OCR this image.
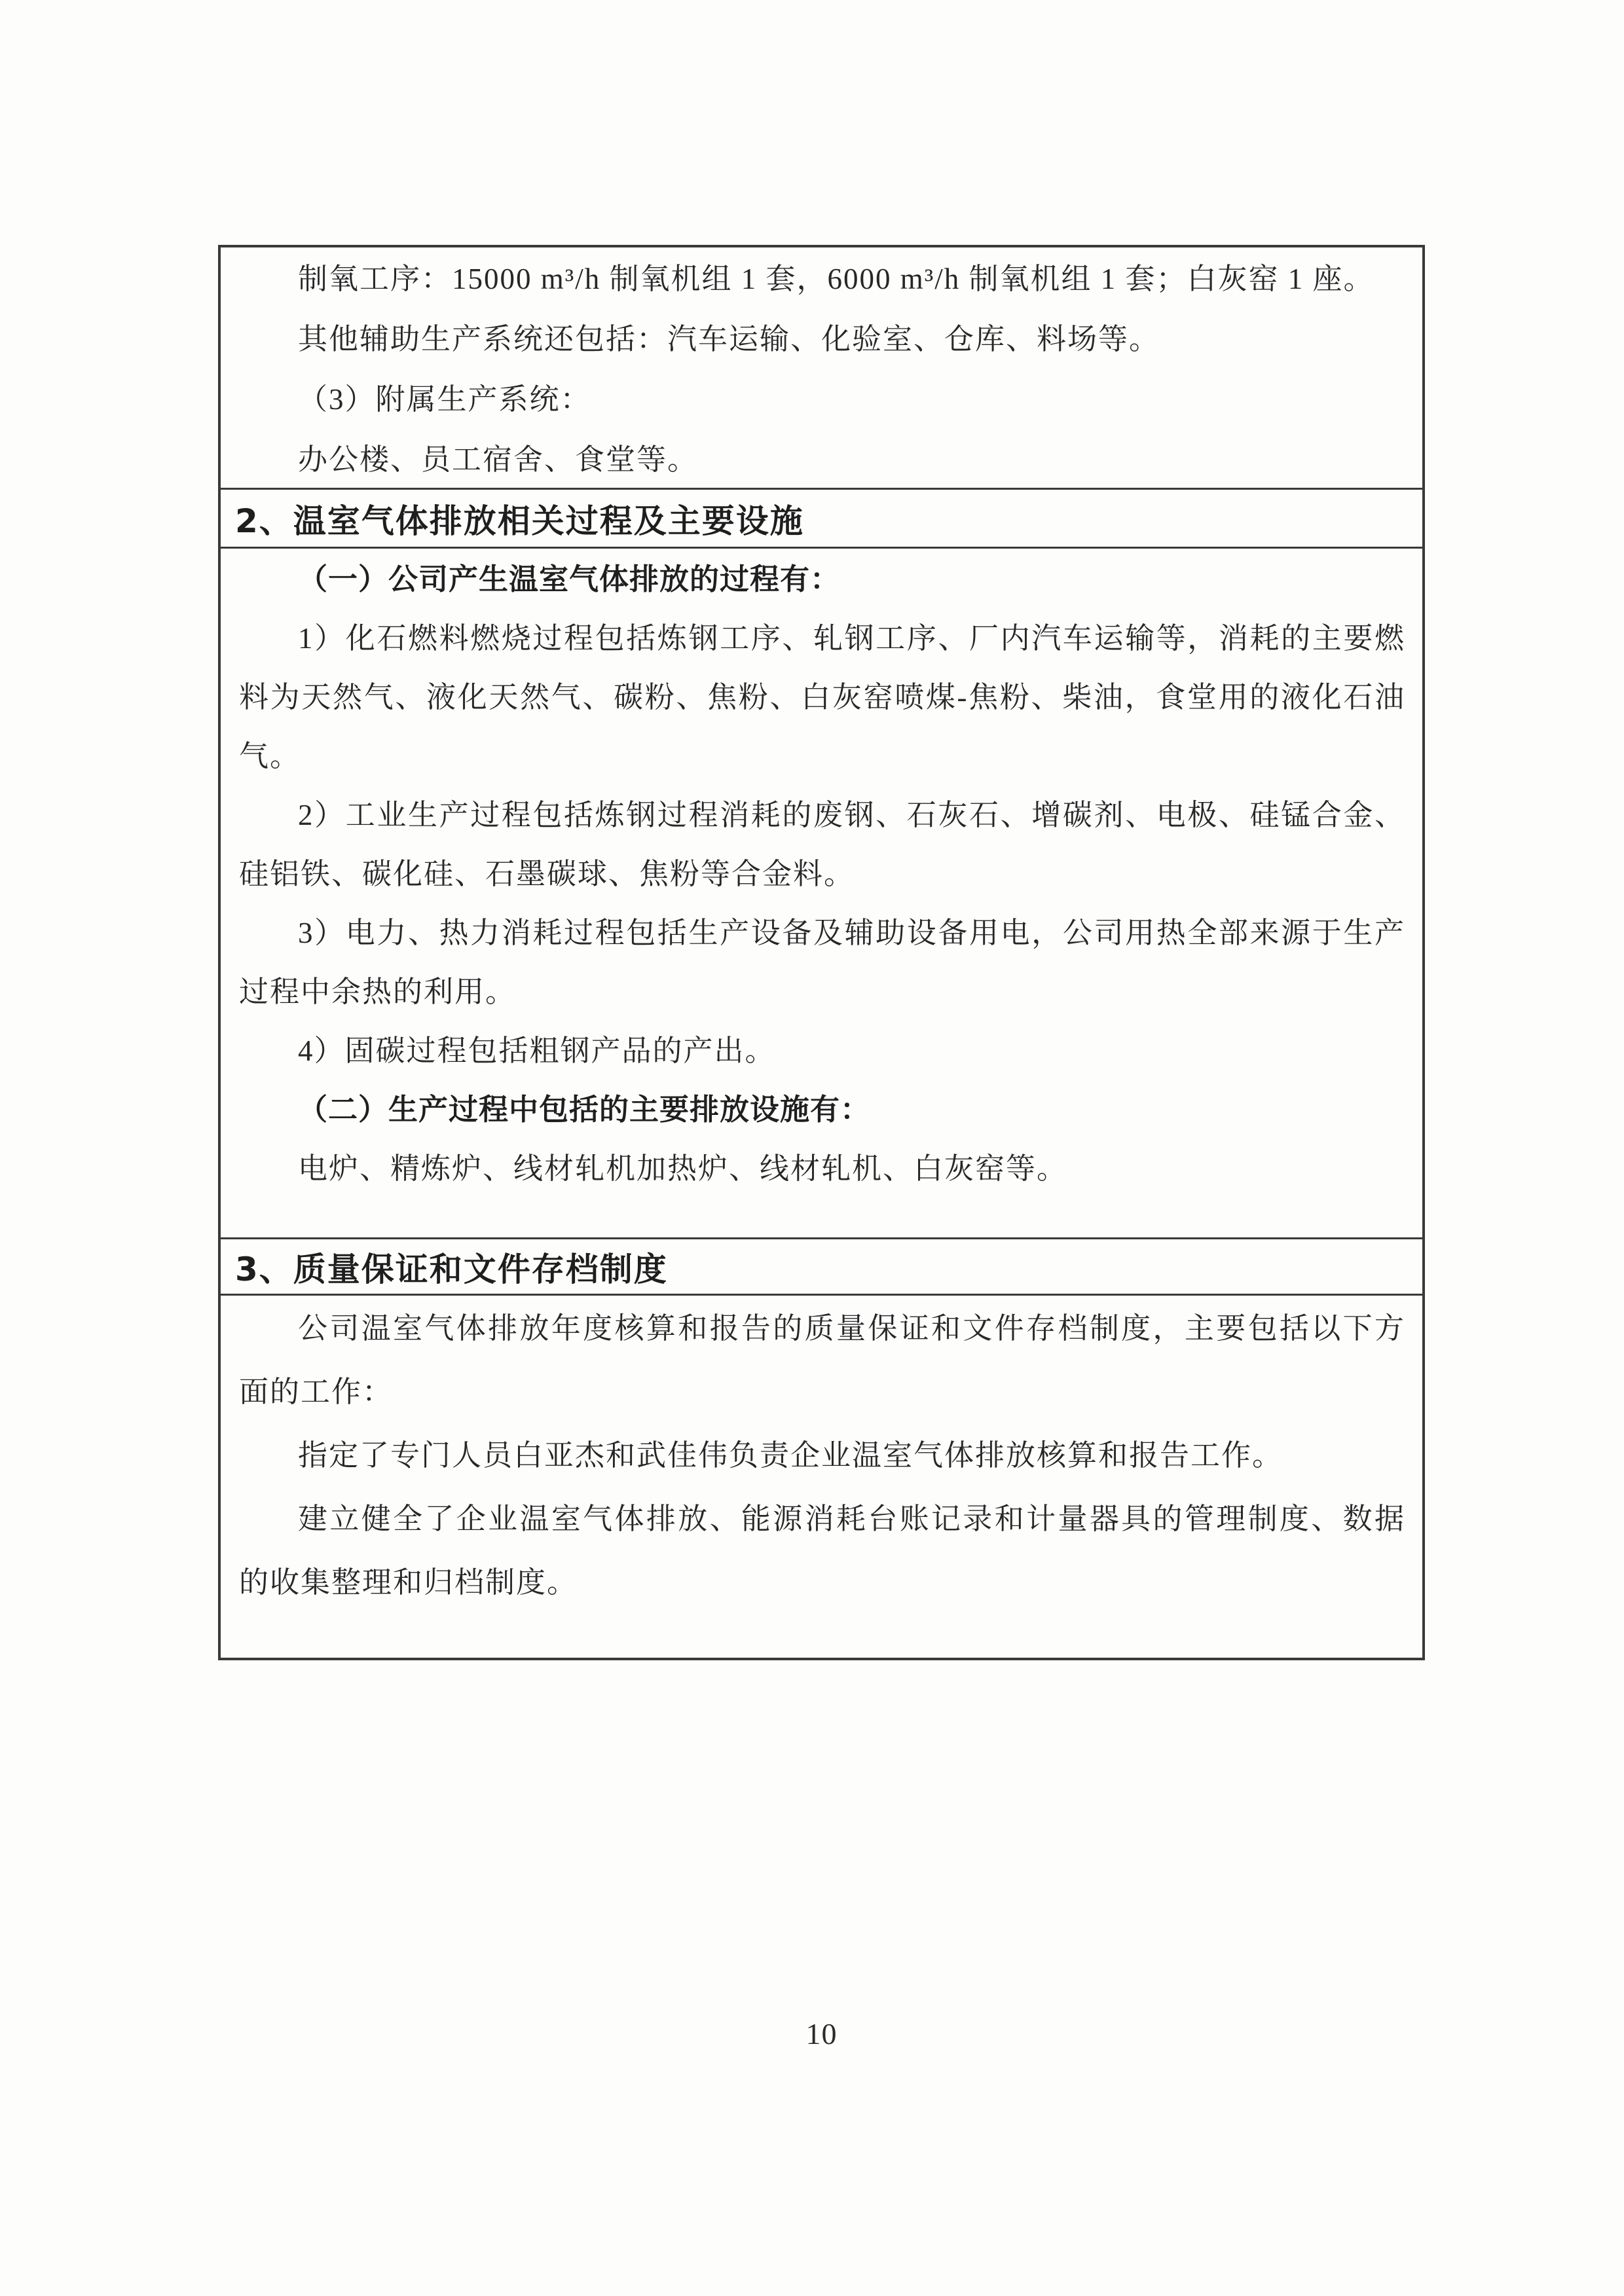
制氧工序：15000 m³/h 制氧机组 1 套，6000 m³/h 制氧机组 1 套；白灰窑 1 座。

其他辅助生产系统还包括：汽车运输、化验室、仓库、料场等。

（3）附属生产系统：

办公楼、员工宿舍、食堂等。

2、温室气体排放相关过程及主要设施

（一）公司产生温室气体排放的过程有：

1）化石燃料燃烧过程包括炼钢工序、轧钢工序、厂内汽车运输等，消耗的主要燃料为天然气、液化天然气、碳粉、焦粉、白灰窑喷煤-焦粉、柴油，食堂用的液化石油气。

2）工业生产过程包括炼钢过程消耗的废钢、石灰石、增碳剂、电极、硅锰合金、硅铝铁、碳化硅、石墨碳球、焦粉等合金料。

3）电力、热力消耗过程包括生产设备及辅助设备用电，公司用热全部来源于生产过程中余热的利用。

4）固碳过程包括粗钢产品的产出。

（二）生产过程中包括的主要排放设施有：

电炉、精炼炉、线材轧机加热炉、线材轧机、白灰窑等。

3、质量保证和文件存档制度

公司温室气体排放年度核算和报告的质量保证和文件存档制度，主要包括以下方面的工作：

指定了专门人员白亚杰和武佳伟负责企业温室气体排放核算和报告工作。

建立健全了企业温室气体排放、能源消耗台账记录和计量器具的管理制度、数据的收集整理和归档制度。

10
